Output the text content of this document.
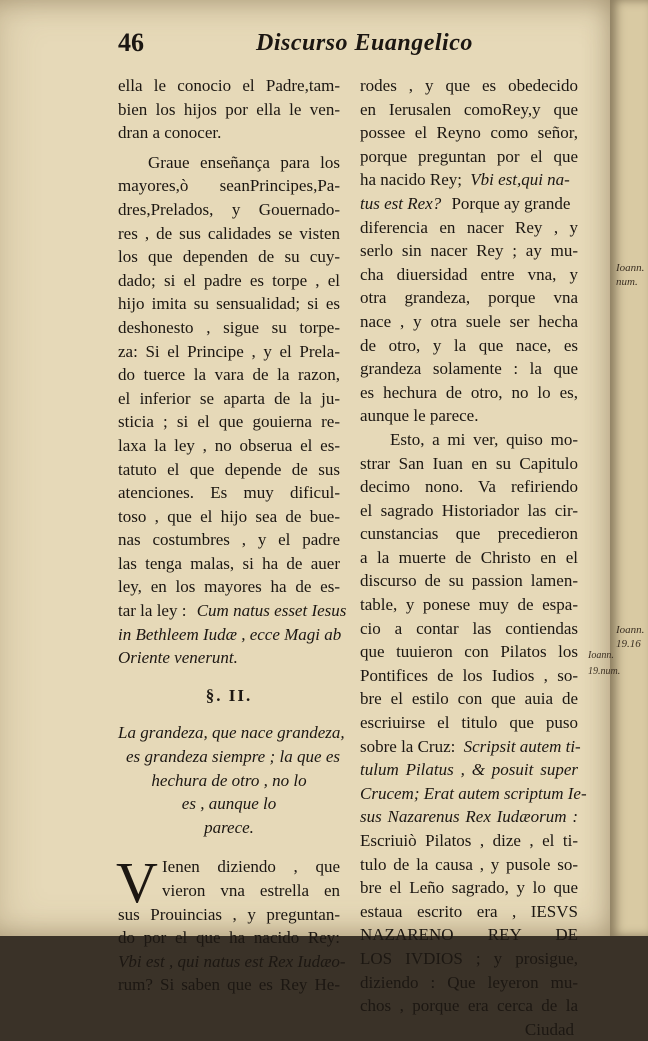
46	Discurso Euangelico
ella le conocio el Padre,tam-
bien los hijos por ella le ven-
dran a conocer.
Graue enseñança para los
mayores,ò seanPrincipes,Pa-
dres,Prelados, y Gouernado-
res , de sus calidades se visten
los que dependen de su cuy-
dado; si el padre es torpe , el
hijo imita su sensualidad; si es
deshonesto , sigue su torpe-
za: Si el Principe , y el Prela-
do tuerce la vara de la razon,
el inferior se aparta de la ju-
sticia ; si el que gouierna re-
laxa la ley , no obserua el es-
tatuto el que depende de sus
atenciones. Es muy dificul-
toso , que el hijo sea de bue-
nas costumbres , y el padre
las tenga malas, si ha de auer
ley, en los mayores ha de es-
tar la ley : Cum natus esset Iesus
in Bethleem Iudæ , ecce Magi ab
Oriente venerunt.
§. II.
La grandeza, que nace grandeza,
es grandeza siempre ; la que es
hechura de otro , no lo
es , aunque lo
parece.
V Ienen diziendo , que
vieron vna estrella en
sus Prouincias , y preguntan-
do por el que ha nacido Rey:
Vbi est , qui natus est Rex Iudæo-
rum? Si saben que es Rey He-
rodes , y que es obedecido
en Ierusalen comoRey,y que
possee el Reyno como señor,
porque preguntan por el que
ha nacido Rey; Vbi est,qui na-
tus est Rex? Porque ay grande
diferencia en nacer Rey , y
serlo sin nacer Rey ; ay mu-
cha diuersidad entre vna, y
otra grandeza, porque vna
nace , y otra suele ser hecha
de otro, y la que nace, es
grandeza solamente : la que
es hechura de otro, no lo es,
aunque le parece.
Esto, a mi ver, quiso mo-
strar San Iuan en su Capitulo
decimo nono. Va refiriendo
el sagrado Historiador las cir-
cunstancias que precedieron
a la muerte de Christo en el
discurso de su passion lamen-
table, y ponese muy de espa-
cio a contar las contiendas
que tuuieron con Pilatos los
Pontifices de los Iudios , so-
bre el estilo con que auia de
escriuirse el titulo que puso
sobre la Cruz: Scripsit autem ti-
tulum Pilatus , & posuit super
Crucem; Erat autem scriptum Ie-
sus Nazarenus Rex Iudæorum :
Escriuiò Pilatos , dize , el ti-
tulo de la causa , y pusole so-
bre el Leño sagrado, y lo que
estaua escrito era , IESVS
NAZARENO REY DE
LOS IVDIOS ; y prosigue,
diziendo : Que leyeron mu-
chos , porque era cerca de la
Ciudad
Ioann.
num.
Ioann.
19.16
Ioann.
19.num.
